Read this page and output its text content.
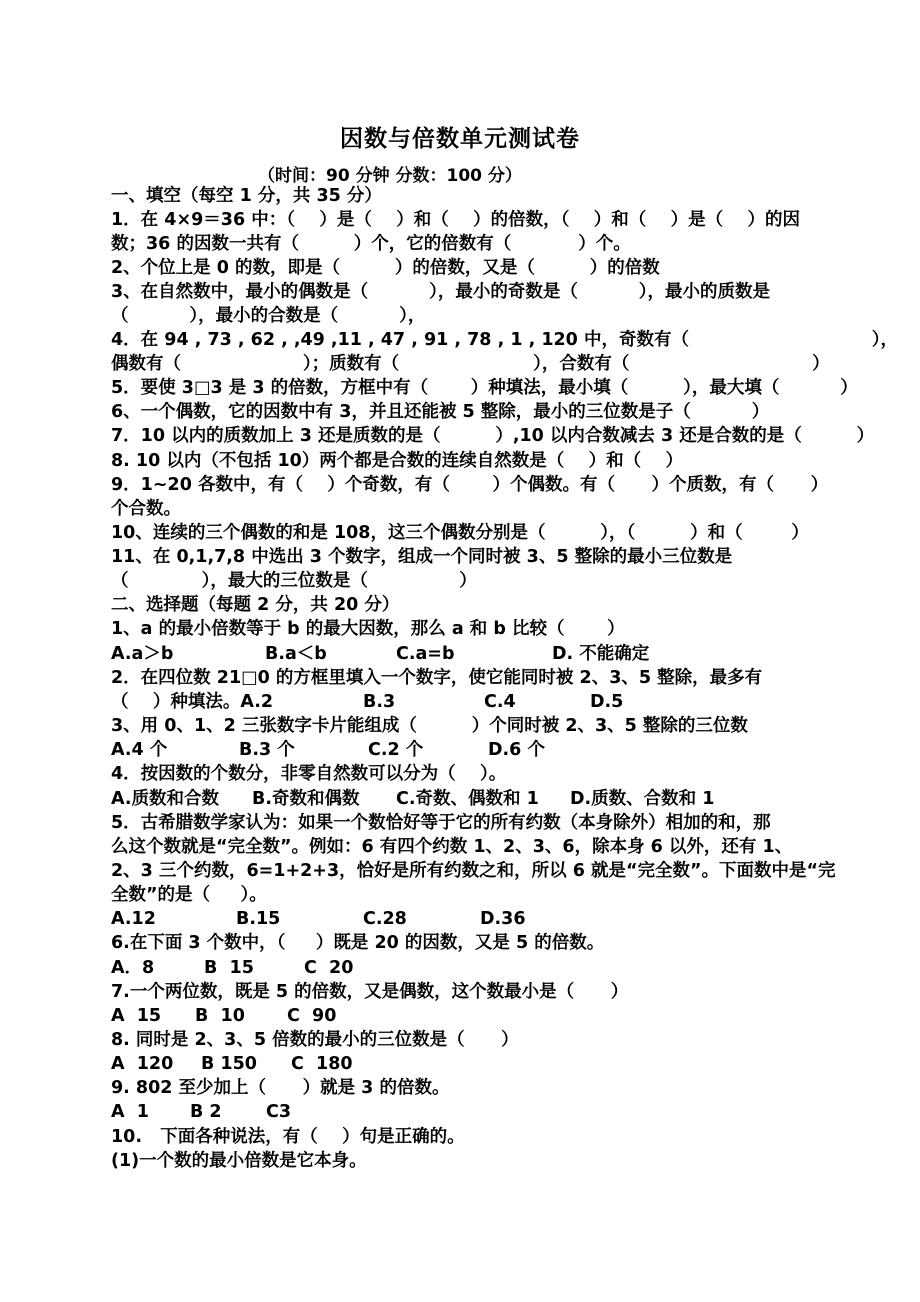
因数与倍数单元测试卷
（时间：90 分钟 分数：100 分）
一、填空（每空 1 分，共 35 分）
1．在 4×9＝36 中：（    ）是（    ）和（    ）的倍数，（    ）和（    ）是（    ）的因
数；36 的因数一共有（         ）个，它的倍数有（           ）个。
2、个位上是 0 的数，即是（         ）的倍数，又是（         ）的倍数
3、在自然数中，最小的偶数是（          ），最小的奇数是（          ），最小的质数是
（          ），最小的合数是（          ），
4．在 94 , 73 , 62 , ,49 ,11 , 47 , 91 , 78 , 1 , 120 中，奇数有（                              ），
偶数有（                    ）；质数有（                      ），合数有（                              ）
5．要使 3□3 是 3 的倍数，方框中有（       ）种填法，最小填（         ），最大填（          ）
6、一个偶数，它的因数中有 3，并且还能被 5 整除，最小的三位数是子（          ）
7．10 以内的质数加上 3 还是质数的是（         ）,10 以内合数减去 3 还是合数的是（         ）
8. 10 以内（不包括 10）两个都是合数的连续自然数是（    ）和（    ）
9．1~20 各数中，有（    ）个奇数，有（       ）个偶数。有（      ）个质数，有（      ）
个合数。
10、连续的三个偶数的和是 108，这三个偶数分别是（         ），（         ）和（        ）
11、在 0,1,7,8 中选出 3 个数字，组成一个同时被 3、5 整除的最小三位数是
（            ），最大的三位数是（               ）
二、选择题（每题 2 分，共 20 分）
1、a 的最小倍数等于 b 的最大因数，那么 a 和 b 比较（       ）
A.a＞b	B.a＜b	C.a=b	D. 不能确定
2．在四位数 21□0 的方框里填入一个数字，使它能同时被 2、3、5 整除，最多有
（    ）种填法。A.2	B.3	C.4	D.5
3、用 0、1、2 三张数字卡片能组成（         ）个同时被 2、3、5 整除的三位数
A.4 个	B.3 个	C.2 个	D.6 个
4．按因数的个数分，非零自然数可以分为（    ）。
A.质数和合数 B.奇数和偶数 C.奇数、偶数和 1 D.质数、合数和 1
5．古希腊数学家认为：如果一个数恰好等于它的所有约数（本身除外）相加的和，那
么这个数就是“完全数”。例如：6 有四个约数 1、2、3、6，除本身 6 以外，还有 1、
2、3 三个约数，6=1+2+3，恰好是所有约数之和，所以 6 就是“完全数”。下面数中是“完
全数”的是（     ）。
A.12	B.15	C.28	D.36
6.在下面 3 个数中，（     ）既是 20 的因数，又是 5 的倍数。
A．8	B  15	C  20
7.一个两位数，既是 5 的倍数，又是偶数，这个数最小是（      ）
A  15 B  10 C  90
8. 同时是 2、3、5 倍数的最小的三位数是（      ）
A  120 B 150 C  180
9. 802 至少加上（      ）就是 3 的倍数。
A  1 B 2	C3
10.   下面各种说法，有（    ）句是正确的。
(1)一个数的最小倍数是它本身。
